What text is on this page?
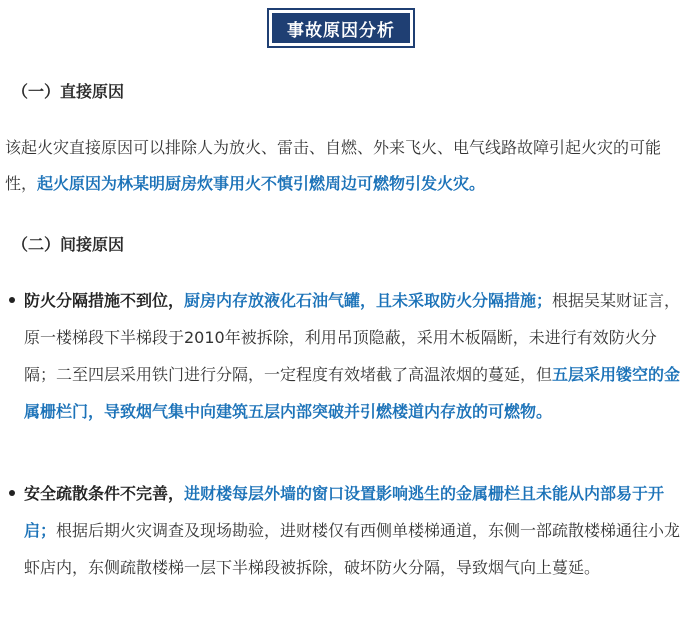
事故原因分析
（一）直接原因
该起火灾直接原因可以排除人为放火、雷击、自燃、外来飞火、电气线路故障引起火灾的可能性，起火原因为林某明厨房炊事用火不慎引燃周边可燃物引发火灾。
（二）间接原因
防火分隔措施不到位，厨房内存放液化石油气罐，且未采取防火分隔措施；根据吴某财证言，原一楼梯段下半梯段于2010年被拆除，利用吊顶隐蔽，采用木板隔断，未进行有效防火分隔；二至四层采用铁门进行分隔，一定程度有效堵截了高温浓烟的蔓延，但五层采用镂空的金属栅栏门，导致烟气集中向建筑五层内部突破并引燃楼道内存放的可燃物。
安全疏散条件不完善，进财楼每层外墙的窗口设置影响逃生的金属栅栏且未能从内部易于开启；根据后期火灾调查及现场勘验，进财楼仅有西侧单楼梯通道，东侧一部疏散楼梯通往小龙虾店内，东侧疏散楼梯一层下半梯段被拆除，破坏防火分隔，导致烟气向上蔓延。
